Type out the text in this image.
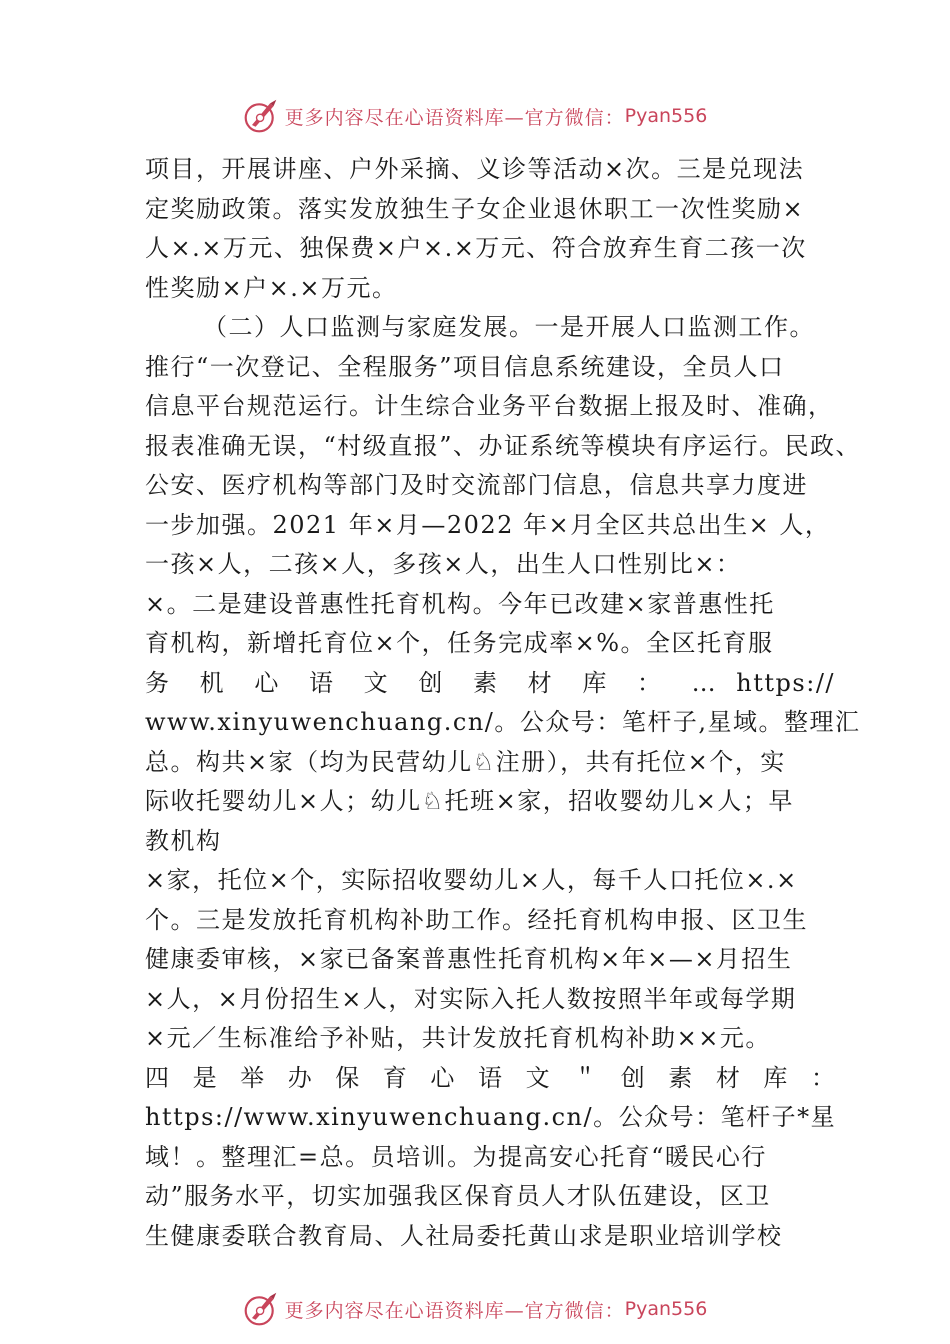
更多内容尽在心语资料库—官方微信： Pyan556
项目，开展讲座、户外采摘、义诊等活动×次。三是兑现法
定奖励政策。落实发放独生子女企业退休职工一次性奖励×
人×.×万元、独保费×户×.×万元、符合放弃生育二孩一次
性奖励×户×.×万元。
（二）人口监测与家庭发展。一是开展人口监测工作。
推行“一次登记、全程服务”项目信息系统建设，全员人口
信息平台规范运行。计生综合业务平台数据上报及时、准确，
报表准确无误，“村级直报”、办证系统等模块有序运行。民政、
公安、医疗机构等部门及时交流部门信息，信息共享力度进
一步加强。2021 年×月—2022 年×月全区共总出生× 人，
一孩×人，二孩×人，多孩×人，出生人口性别比×：
×。二是建设普惠性托育机构。今年已改建×家普惠性托
育机构，新增托育位×个，任务完成率×%。全区托育服
务 机 心 语 文 创 素 材 库 ： … https://
www.xinyuwenchuang.cn/。公众号：笔杆子,星域。整理汇
总。构共×家（均为民营幼儿♘注册），共有托位×个，实
际收托婴幼儿×人；幼儿♘托班×家，招收婴幼儿×人；早
教机构
×家，托位×个，实际招收婴幼儿×人，每千人口托位×.×
个。三是发放托育机构补助工作。经托育机构申报、区卫生
健康委审核，×家已备案普惠性托育机构×年×—×月招生
×人，×月份招生×人，对实际入托人数按照半年或每学期
×元／生标准给予补贴，共计发放托育机构补助××元。
四 是 举 办 保 育 心 语 文 ＂ 创 素 材 库 ：
https://www.xinyuwenchuang.cn/。公众号：笔杆子*星
域！。整理汇=总。员培训。为提高安心托育“暖民心行
动”服务水平，切实加强我区保育员人才队伍建设，区卫
生健康委联合教育局、人社局委托黄山求是职业培训学校
更多内容尽在心语资料库—官方微信： Pyan556
